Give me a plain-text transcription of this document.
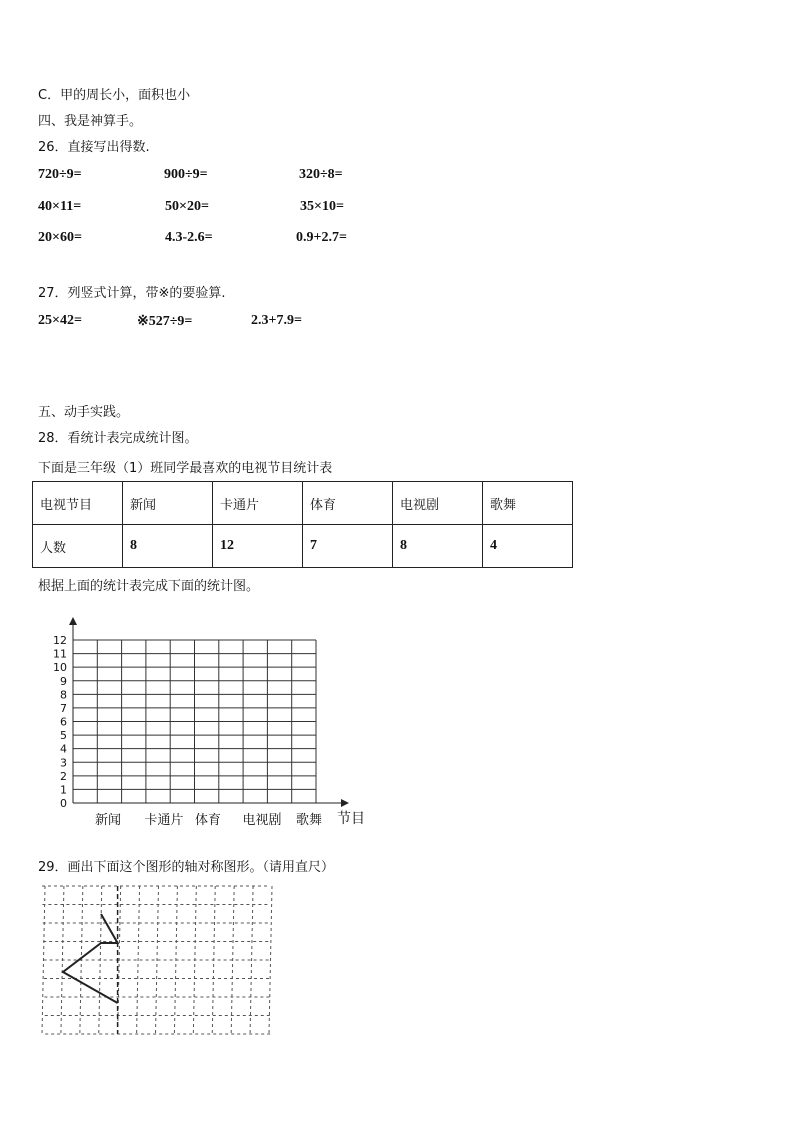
C．甲的周长小，面积也小
四、我是神算手。
26．直接写出得数.
720÷9=	900÷9=	320÷8=
40×11=	50×20=	35×10=
20×60=	4.3-2.6=	0.9+2.7=
27．列竖式计算，带※的要验算.
25×42=	※527÷9=	2.3+7.9=
五、动手实践。
28．看统计表完成统计图。
下面是三年级（1）班同学最喜欢的电视节目统计表
电视节目	新闻	卡通片	体育	电视剧	歌舞
人数	8	12	7	8	4
根据上面的统计表完成下面的统计图。
0
1
2
3
4
5
6
7
8
9
10
11
12
新闻 卡通片 体育 电视剧 歌舞 节目
29．画出下面这个图形的轴对称图形。（请用直尺）
